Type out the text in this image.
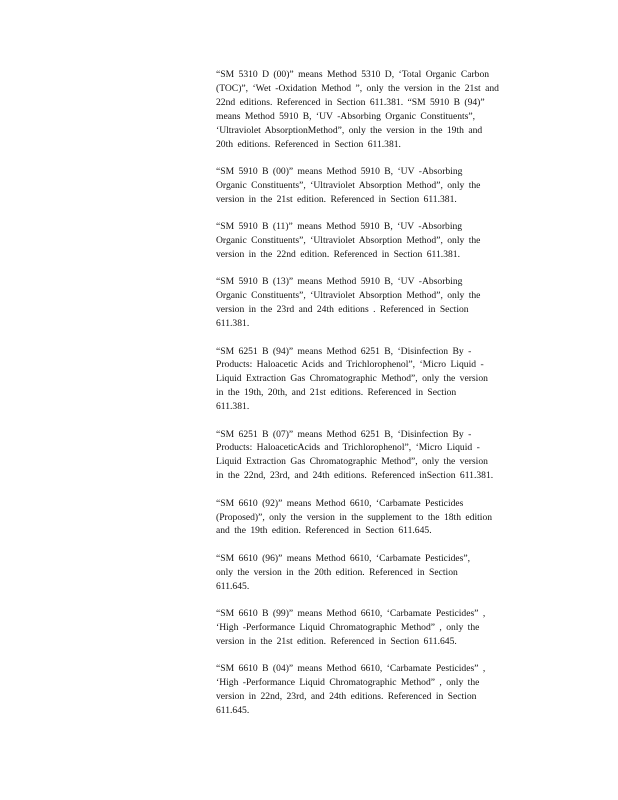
“SM 5310 D (00)” means Method 5310 D, ‘Total Organic Carbon
(TOC)”, ‘Wet -Oxidation Method ”, only the version in the 21st and
22nd editions. Referenced in Section 611.381. “SM 5910 B (94)”
means Method 5910 B, ‘UV -Absorbing Organic Constituents”,
‘Ultraviolet AbsorptionMethod”, only the version in the 19th and
20th editions. Referenced in Section 611.381.

“SM 5910 B (00)” means Method 5910 B, ‘UV -Absorbing
Organic Constituents”, ‘Ultraviolet Absorption Method”, only the
version in the 21st edition. Referenced in Section 611.381.

“SM 5910 B (11)” means Method 5910 B, ‘UV -Absorbing
Organic Constituents”, ‘Ultraviolet Absorption Method”, only the
version in the 22nd edition. Referenced in Section 611.381.

“SM 5910 B (13)” means Method 5910 B, ‘UV -Absorbing
Organic Constituents”, ‘Ultraviolet Absorption Method”, only the
version in the 23rd and 24th editions . Referenced in Section
611.381.

“SM 6251 B (94)” means Method 6251 B, ‘Disinfection By -
Products: Haloacetic Acids and Trichlorophenol”, ‘Micro Liquid -
Liquid Extraction Gas Chromatographic Method”, only the version
in the 19th, 20th, and 21st editions. Referenced in Section
611.381.

“SM 6251 B (07)” means Method 6251 B, ‘Disinfection By -
Products: HaloaceticAcids and Trichlorophenol”, ‘Micro Liquid -
Liquid Extraction Gas Chromatographic Method”, only the version
in the 22nd, 23rd, and 24th editions. Referenced inSection 611.381.

“SM 6610 (92)” means Method 6610, ‘Carbamate Pesticides
(Proposed)”, only the version in the supplement to the 18th edition
and the 19th edition. Referenced in Section 611.645.

“SM 6610 (96)” means Method 6610, ‘Carbamate Pesticides”,
only the version in the 20th edition. Referenced in Section
611.645.

“SM 6610 B (99)” means Method 6610, ‘Carbamate Pesticides” ,
‘High -Performance Liquid Chromatographic Method” , only the
version in the 21st edition. Referenced in Section 611.645.

“SM 6610 B (04)” means Method 6610, ‘Carbamate Pesticides” ,
‘High -Performance Liquid Chromatographic Method” , only the
version in 22nd, 23rd, and 24th editions. Referenced in Section
611.645.
